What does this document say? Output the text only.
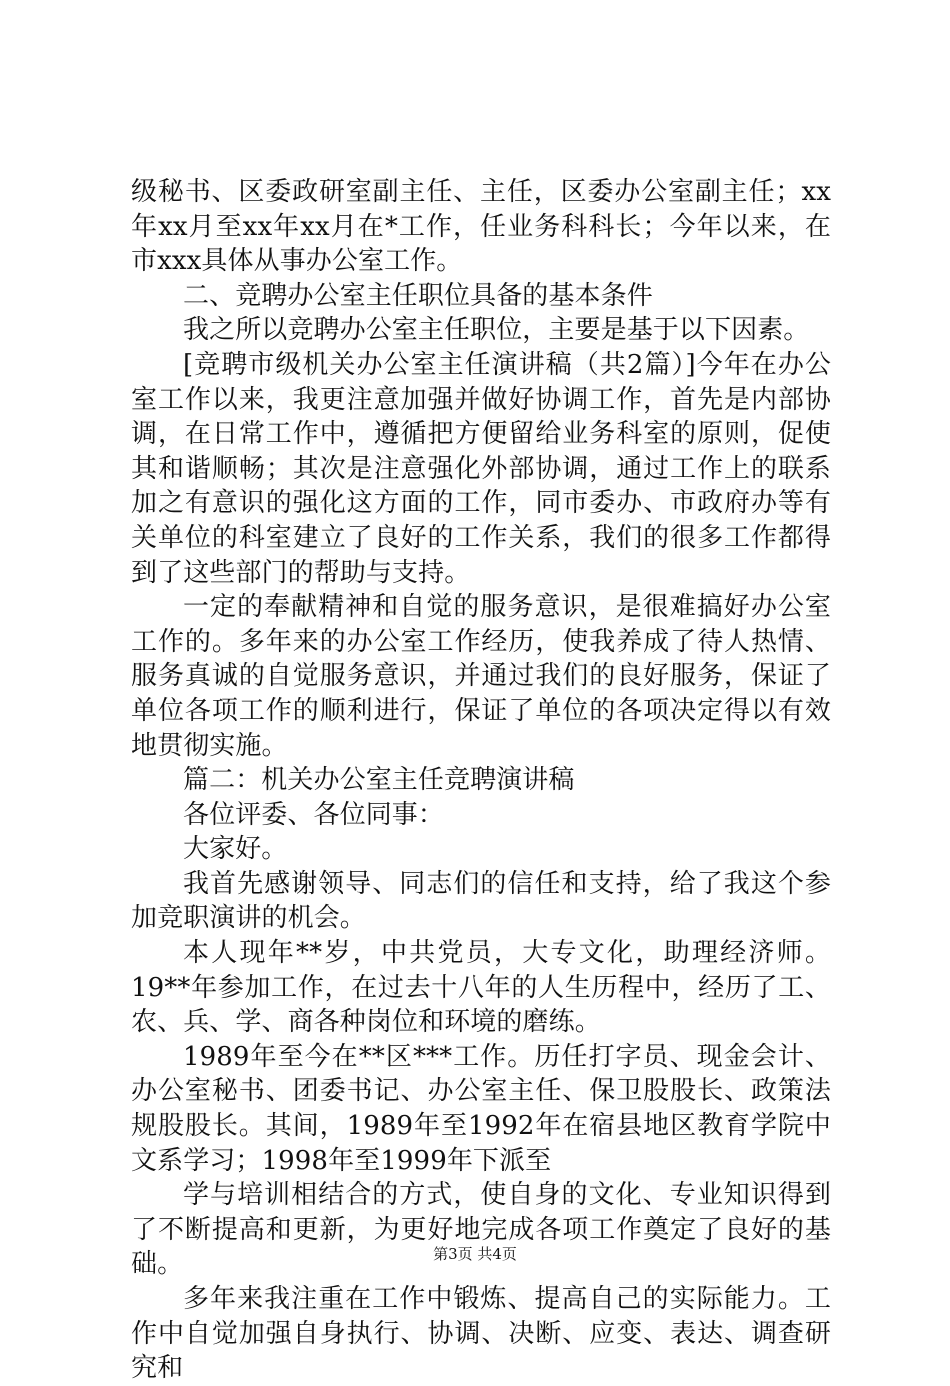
级秘书、区委政研室副主任、主任，区委办公室副主任；xx年xx月至xx年xx月在*工作，任业务科科长；今年以来，在市xxx具体从事办公室工作。

二、竞聘办公室主任职位具备的基本条件

我之所以竞聘办公室主任职位，主要是基于以下因素。

[竞聘市级机关办公室主任演讲稿（共2篇）]今年在办公室工作以来，我更注意加强并做好协调工作，首先是内部协调，在日常工作中，遵循把方便留给业务科室的原则，促使其和谐顺畅；其次是注意强化外部协调，通过工作上的联系加之有意识的强化这方面的工作，同市委办、市政府办等有关单位的科室建立了良好的工作关系，我们的很多工作都得到了这些部门的帮助与支持。

一定的奉献精神和自觉的服务意识，是很难搞好办公室工作的。多年来的办公室工作经历，使我养成了待人热情、服务真诚的自觉服务意识，并通过我们的良好服务，保证了单位各项工作的顺利进行，保证了单位的各项决定得以有效地贯彻实施。

篇二：机关办公室主任竞聘演讲稿

各位评委、各位同事：

大家好。

我首先感谢领导、同志们的信任和支持，给了我这个参加竞职演讲的机会。

本人现年**岁，中共党员，大专文化，助理经济师。19**年参加工作，在过去十八年的人生历程中，经历了工、农、兵、学、商各种岗位和环境的磨练。

1989年至今在**区***工作。历任打字员、现金会计、办公室秘书、团委书记、办公室主任、保卫股股长、政策法规股股长。其间，1989年至1992年在宿县地区教育学院中文系学习；1998年至1999年下派至

学与培训相结合的方式，使自身的文化、专业知识得到了不断提高和更新，为更好地完成各项工作奠定了良好的基础。

多年来我注重在工作中锻炼、提高自己的实际能力。工作中自觉加强自身执行、协调、决断、应变、表达、调查研究和

第3页 共4页
